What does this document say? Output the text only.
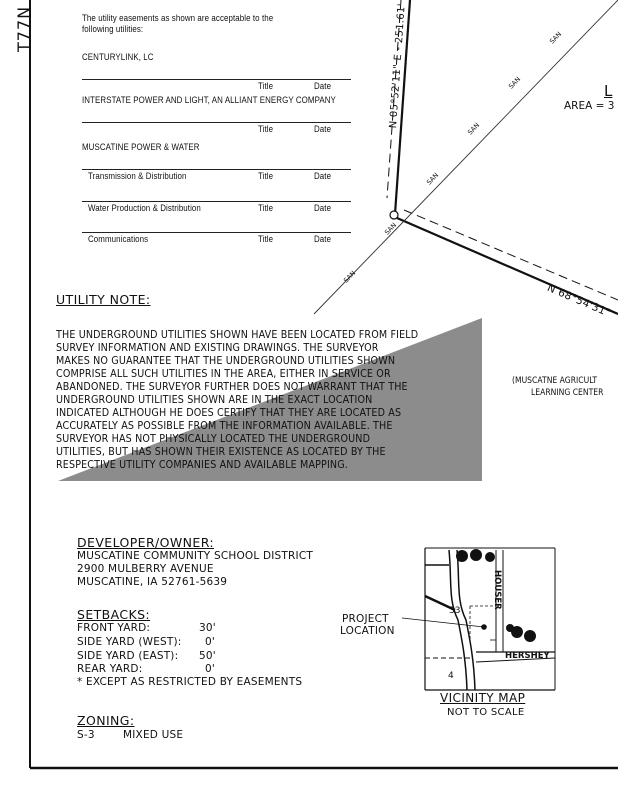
T77N	The utility easements as shown are acceptable to the
following utilities:
CENTURYLINK, LC
Title	Date
INTERSTATE POWER AND LIGHT, AN ALLIANT ENERGY COMPANY
Title	Date
MUSCATINE POWER & WATER
Transmission & Distribution	Title	Date
Water Production & Distribution	Title	Date
Communications	Title	Date
N 05°52'11" E - 251.61'
N 68°54'31"
L
AREA = 3
SAN
SAN
SAN
SAN
SAN
SAN
(MUSCATNE AGRICULT
LEARNING CENTER
UTILITY NOTE:
THE UNDERGROUND UTILITIES SHOWN HAVE BEEN LOCATED FROM FIELD
SURVEY INFORMATION AND EXISTING DRAWINGS. THE SURVEYOR
MAKES NO GUARANTEE THAT THE UNDERGROUND UTILITIES SHOWN
COMPRISE ALL SUCH UTILITIES IN THE AREA, EITHER IN SERVICE OR
ABANDONED. THE SURVEYOR FURTHER DOES NOT WARRANT THAT THE
UNDERGROUND UTILITIES SHOWN ARE IN THE EXACT LOCATION
INDICATED ALTHOUGH HE DOES CERTIFY THAT THEY ARE LOCATED AS
ACCURATELY AS POSSIBLE FROM THE INFORMATION AVAILABLE. THE
SURVEYOR HAS NOT PHYSICALLY LOCATED THE UNDERGROUND
UTILITIES, BUT HAS SHOWN THEIR EXISTENCE AS LOCATED BY THE
RESPECTIVE UTILITY COMPANIES AND AVAILABLE MAPPING.
DEVELOPER/OWNER:
MUSCATINE COMMUNITY SCHOOL DISTRICT
2900 MULBERRY AVENUE
MUSCATINE, IA 52761-5639
SETBACKS:
FRONT YARD:	30'
SIDE YARD (WEST): 0'
SIDE YARD (EAST): 50'
REAR YARD:	0'
* EXCEPT AS RESTRICTED BY EASEMENTS
ZONING:
S-3	MIXED USE
PROJECT
LOCATION
33
4
HOUSER
HERSHEY
VICINITY MAP
NOT TO SCALE
